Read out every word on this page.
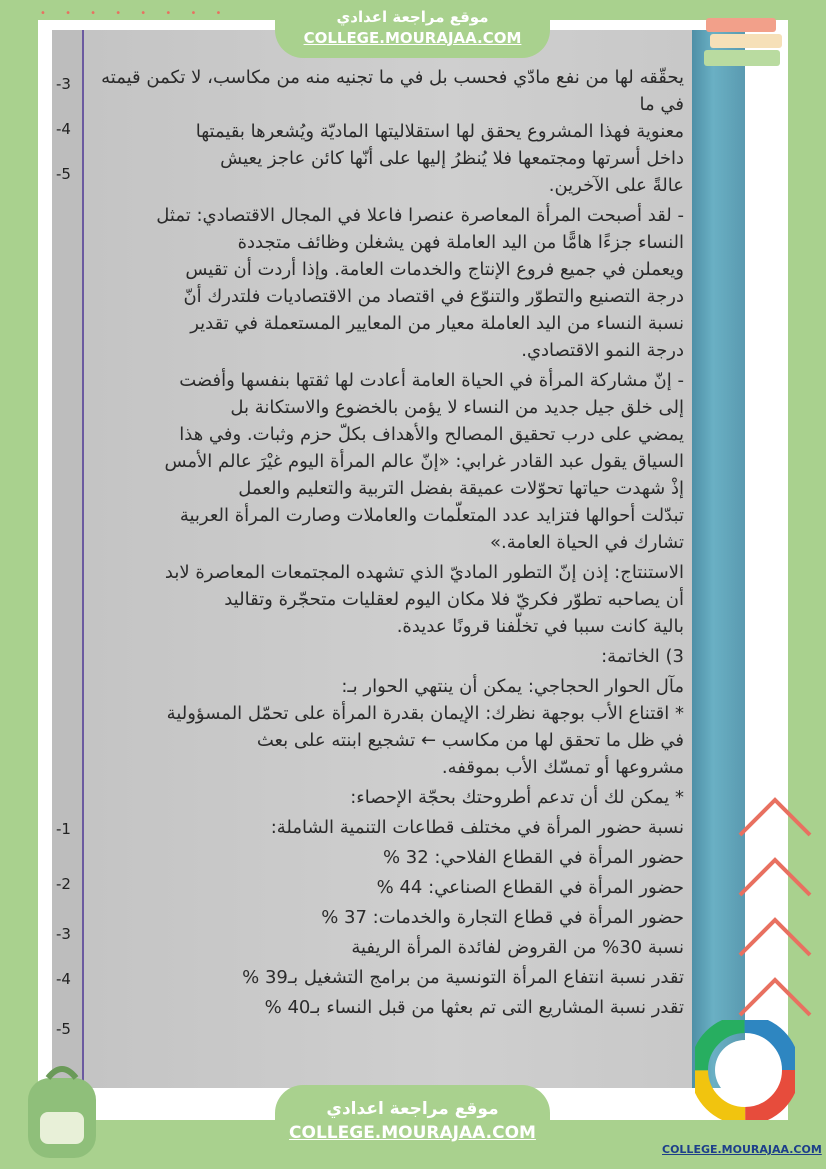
• • • • • • • •
-3
-4
-5
-1
-2
-3
-4
-5
يحقّقه لها من نفع مادّي فحسب بل في ما تجنيه منه من مكاسب، لا تكمن قيمته في ما
معنوية فهذا المشروع يحقق لها استقلاليتها الماديّة ويُشعرها بقيمتها
داخل أسرتها ومجتمعها فلا يُنظرُ إليها على أنّها كائن عاجز يعيش
عالةً على الآخرين.
- لقد أصبحت المرأة المعاصرة عنصرا فاعلا في المجال الاقتصادي: تمثل
النساء جزءًا هامًّا من اليد العاملة فهن يشغلن وظائف متجددة
ويعملن في جميع فروع الإنتاج والخدمات العامة. وإذا أردت أن تقيس
درجة التصنيع والتطوّر والتنوّع في اقتصاد من الاقتصاديات فلتدرك أنّ
نسبة النساء من اليد العاملة معيار من المعايير المستعملة في تقدير
درجة النمو الاقتصادي.
- إنّ مشاركة المرأة في الحياة العامة أعادت لها ثقتها بنفسها وأفضت
إلى خلق جيل جديد من النساء لا يؤمن بالخضوع والاستكانة بل
يمضي على درب تحقيق المصالح والأهداف بكلّ حزم وثبات. وفي هذا
السياق يقول عبد القادر غرابي: «إنّ عالم المرأة اليوم غيْرَ عالم الأمس
إذْ شهدت حياتها تحوّلات عميقة بفضل التربية والتعليم والعمل
تبدّلت أحوالها فتزايد عدد المتعلّمات والعاملات وصارت المرأة العربية
تشارك في الحياة العامة.»
الاستنتاج: إذن إنّ التطور الماديّ الذي تشهده المجتمعات المعاصرة لابد
أن يصاحبه تطوّر فكريّ فلا مكان اليوم لعقليات متحجّرة وتقاليد
بالية كانت سببا في تخلّفنا قرونًا عديدة.
3) الخاتمة:
مآل الحوار الحجاجي: يمكن أن ينتهي الحوار بـ:
* اقتناع الأب بوجهة نظرك: الإيمان بقدرة المرأة على تحمّل المسؤولية
في ظل ما تحقق لها من مكاسب ← تشجيع ابنته على بعث
مشروعها أو تمسّك الأب بموقفه.
* يمكن لك أن تدعم أطروحتك بحجّة الإحصاء:
نسبة حضور المرأة في مختلف قطاعات التنمية الشاملة:
حضور المرأة في القطاع الفلاحي: 32 %
حضور المرأة في القطاع الصناعي: 44 %
حضور المرأة في قطاع التجارة والخدمات: 37 %
نسبة 30% من القروض لفائدة المرأة الريفية
تقدر نسبة انتفاع المرأة التونسية من برامج التشغيل بـ39 %
تقدر نسبة المشاريع التى تم بعثها من قبل النساء بـ40 %
موقع مراجعة اعدادي
COLLEGE.MOURAJAA.COM
موقع مراجعة اعدادي
COLLEGE.MOURAJAA.COM
COLLEGE.MOURAJAA.COM
